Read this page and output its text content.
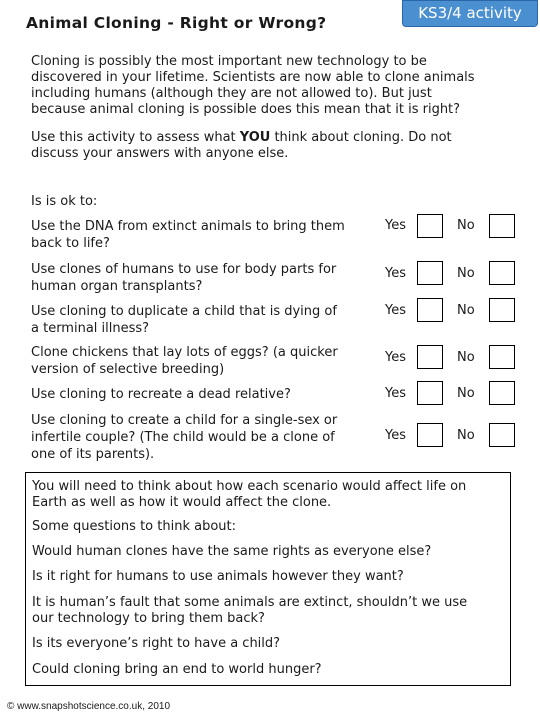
Animal Cloning - Right or Wrong?
KS3/4 activity
Cloning is possibly the most important new technology to be
discovered in your lifetime. Scientists are now able to clone animals
including humans (although they are not allowed to). But just
because animal cloning is possible does this mean that it is right?
Use this activity to assess what YOU think about cloning. Do not
discuss your answers with anyone else.
Is is ok to:
Use the DNA from extinct animals to bring them
back to life?
Yes	No
Use clones of humans to use for body parts for
human organ transplants?
Yes	No
Use cloning to duplicate a child that is dying of
a terminal illness?
Yes	No
Clone chickens that lay lots of eggs? (a quicker
version of selective breeding)
Yes	No
Use cloning to recreate a dead relative?	Yes	No
Use cloning to create a child for a single-sex or
infertile couple? (The child would be a clone of
one of its parents).
Yes	No
You will need to think about how each scenario would affect life on
Earth as well as how it would affect the clone.
Some questions to think about:
Would human clones have the same rights as everyone else?
Is it right for humans to use animals however they want?
It is human’s fault that some animals are extinct, shouldn’t we use
our technology to bring them back?
Is its everyone’s right to have a child?
Could cloning bring an end to world hunger?
© www.snapshotscience.co.uk, 2010
